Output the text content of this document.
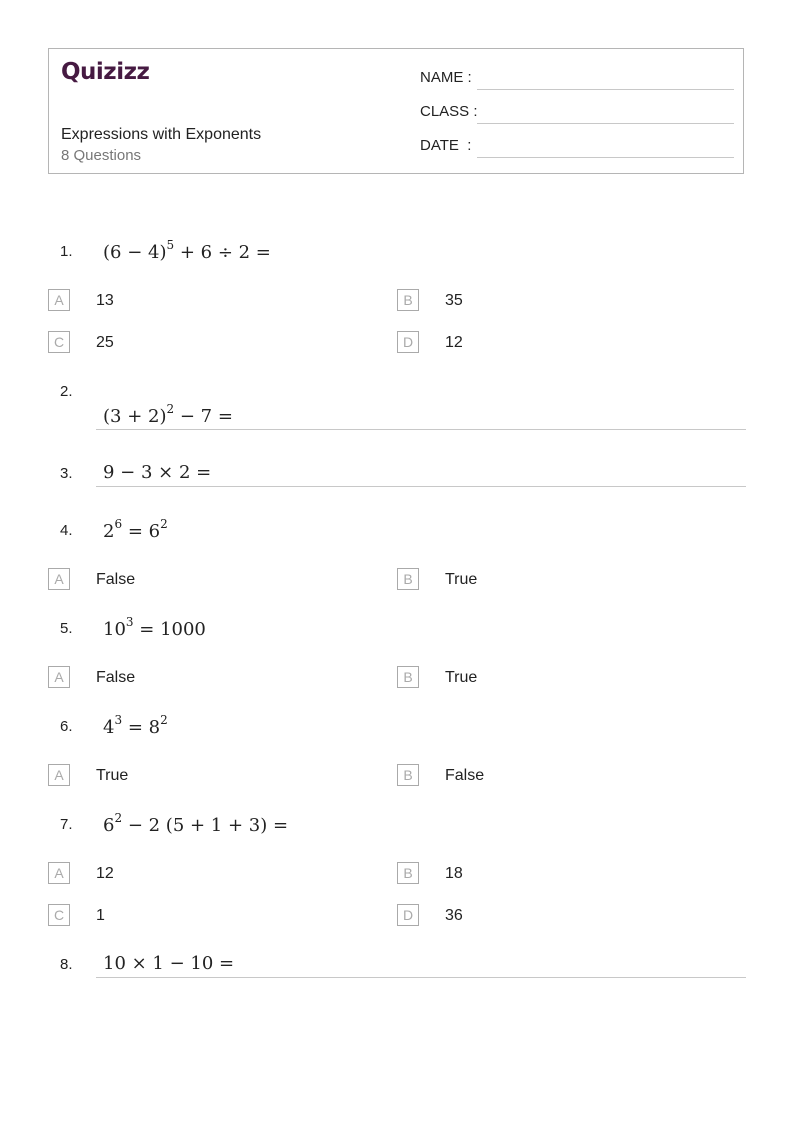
Quizizz
Expressions with Exponents
8 Questions
NAME :
CLASS :
DATE  :
1. $(6 - 4)^5 + 6 \div 2$ =
A	13	B	35
C	25	D	12
2.
$(3 + 2)^2 - 7$ =
3. 9 − 3 × 2 =
4. $2^6 = 6^2$
A	False	B	True
5. $10^3 = 1000$
A	False	B	True
6. $4^3 = 8^2$
A	True	B	False
7. $6^2 - 2$ (5 + 1 + 3) =
A	12	B	18
C	1	D	36
8. 10 × 1 − 10 =
